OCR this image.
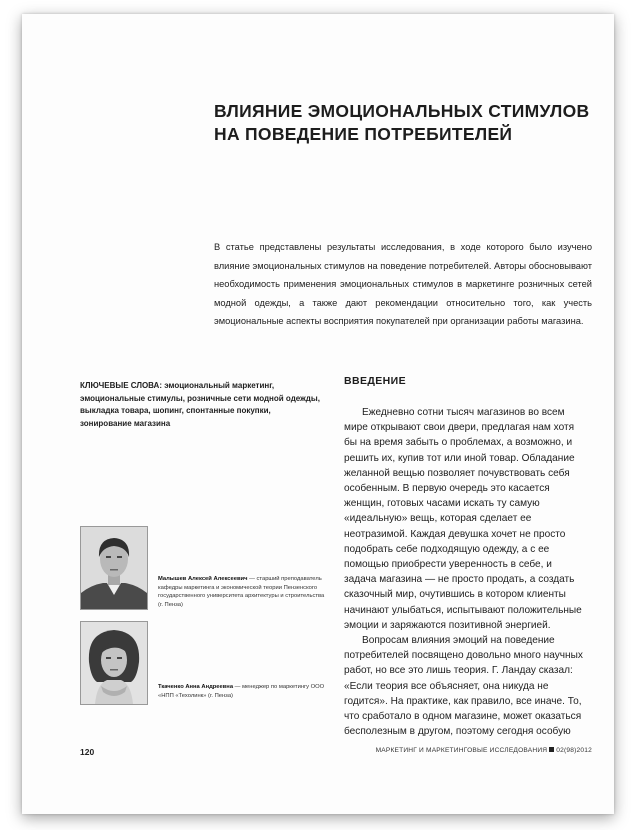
ВЛИЯНИЕ ЭМОЦИОНАЛЬНЫХ СТИМУЛОВ
НА ПОВЕДЕНИЕ ПОТРЕБИТЕЛЕЙ

В статье представлены результаты исследования, в ходе которого было изучено влияние эмоциональных стимулов на поведение потребителей. Авторы обосновывают необходимость применения эмоциональных стимулов в маркетинге розничных сетей модной одежды, а также дают рекомендации относительно того, как учесть эмоциональные аспекты восприятия покупателей при организации работы магазина.

КЛЮЧЕВЫЕ СЛОВА: эмоциональный маркетинг, эмоциональные стимулы, розничные сети модной одежды, выкладка товара, шопинг, спонтанные покупки, зонирование магазина

ВВЕДЕНИЕ

Ежедневно сотни тысяч магазинов во всем мире открывают свои двери, предлагая нам хотя бы на время забыть о проблемах, а возможно, и решить их, купив тот или иной товар. Обладание желанной вещью позволяет почувствовать себя особенным. В первую очередь это касается женщин, готовых часами искать ту самую «идеальную» вещь, которая сделает ее неотразимой. Каждая девушка хочет не просто подобрать себе подходящую одежду, а с ее помощью приобрести уверенность в себе, и задача магазина — не просто продать, а создать сказочный мир, очутившись в котором клиенты начинают улыбаться, испытывают положительные эмоции и заряжаются позитивной энергией.

Вопросам влияния эмоций на поведение потребителей посвящено довольно много научных работ, но все это лишь теория. Г. Ландау сказал: «Если теория все объясняет, она никуда не годится». На практике, как правило, все иначе. То, что сработало в одном магазине, может оказаться бесполезным в другом, поэтому сегодня особую

Малышев Алексей Алексеевич — старший преподаватель кафедры маркетинга и экономической теории Пензенского государственного университета архитектуры и строительства (г. Пенза)

Ткаченко Анна Андреевна — менеджер по маркетингу ООО «НПП «Техолинк» (г. Пенза)

120	МАРКЕТИНГ И МАРКЕТИНГОВЫЕ ИССЛЕДОВАНИЯ 02(98)2012
